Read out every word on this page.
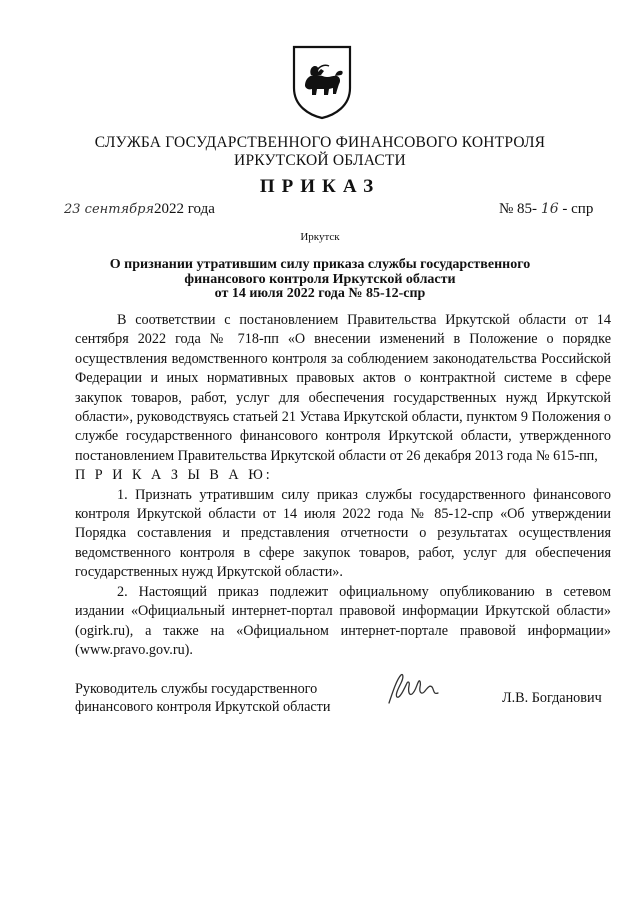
СЛУЖБА ГОСУДАРСТВЕННОГО ФИНАНСОВОГО КОНТРОЛЯ
ИРКУТСКОЙ ОБЛАСТИ
ПРИКАЗ
23 сентября2022 года	№ 85- 16 - спр
Иркутск
О признании утратившим силу приказа службы государственного
финансового контроля Иркутской области
от 14 июля 2022 года № 85-12-спр

В соответствии с постановлением Правительства Иркутской области от 14 сентября 2022 года № 718-пп «О внесении изменений в Положение о порядке осуществления ведомственного контроля за соблюдением законодательства Российской Федерации и иных нормативных правовых актов о контрактной системе в сфере закупок товаров, работ, услуг для обеспечения государственных нужд Иркутской области», руководствуясь статьей 21 Устава Иркутской области, пунктом 9 Положения о службе государственного финансового контроля Иркутской области, утвержденного постановлением Правительства Иркутской области от 26 декабря 2013 года № 615-пп,

П Р И К А З Ы В А Ю:

1. Признать утратившим силу приказ службы государственного финансового контроля Иркутской области от 14 июля 2022 года № 85-12-спр «Об утверждении Порядка составления и представления отчетности о результатах осуществления ведомственного контроля в сфере закупок товаров, работ, услуг для обеспечения государственных нужд Иркутской области».

2. Настоящий приказ подлежит официальному опубликованию в сетевом издании «Официальный интернет-портал правовой информации Иркутской области» (ogirk.ru), а также на «Официальном интернет-портале правовой информации» (www.pravo.gov.ru).

Руководитель службы государственного
финансового контроля Иркутской области
Л.В. Богданович
